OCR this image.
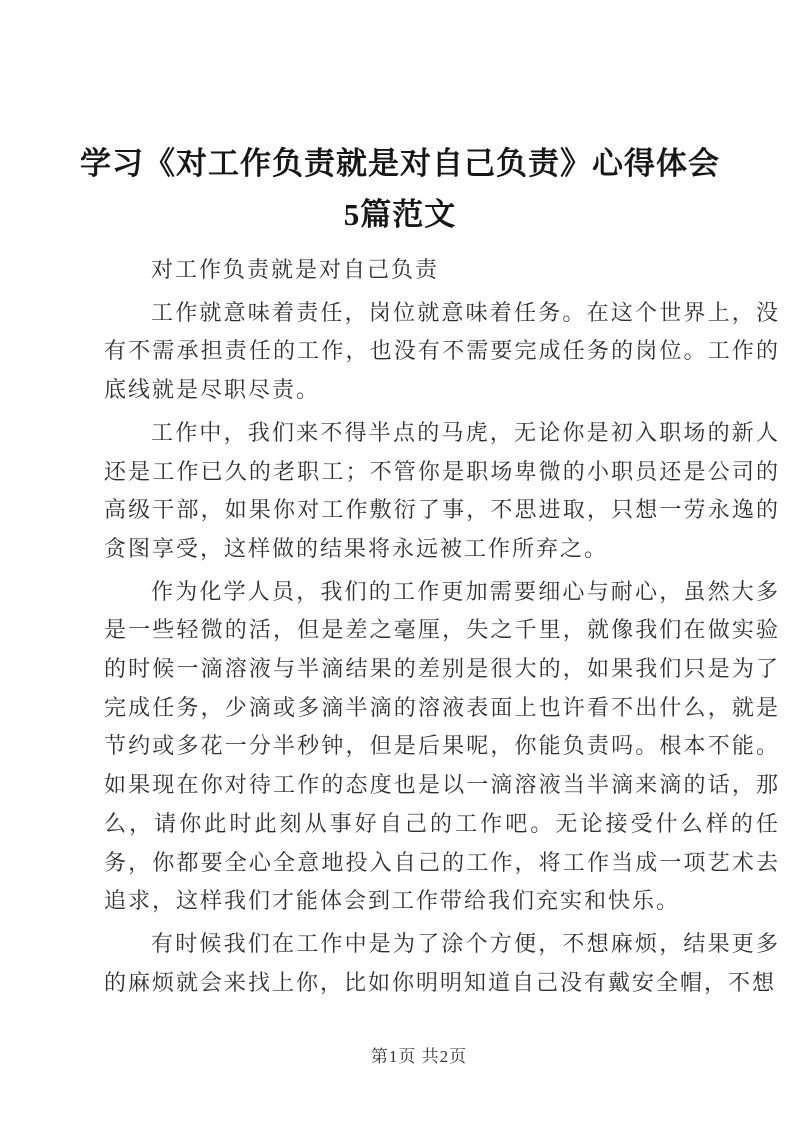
学习《对工作负责就是对自己负责》心得体会
5篇范文

对工作负责就是对自己负责

工作就意味着责任，岗位就意味着任务。在这个世界上，没有不需承担责任的工作，也没有不需要完成任务的岗位。工作的底线就是尽职尽责。

工作中，我们来不得半点的马虎，无论你是初入职场的新人还是工作已久的老职工；不管你是职场卑微的小职员还是公司的高级干部，如果你对工作敷衍了事，不思进取，只想一劳永逸的贪图享受，这样做的结果将永远被工作所弃之。

作为化学人员，我们的工作更加需要细心与耐心，虽然大多是一些轻微的活，但是差之毫厘，失之千里，就像我们在做实验的时候一滴溶液与半滴结果的差别是很大的，如果我们只是为了完成任务，少滴或多滴半滴的溶液表面上也许看不出什么，就是节约或多花一分半秒钟，但是后果呢，你能负责吗。根本不能。如果现在你对待工作的态度也是以一滴溶液当半滴来滴的话，那么，请你此时此刻从事好自己的工作吧。无论接受什么样的任务，你都要全心全意地投入自己的工作，将工作当成一项艺术去追求，这样我们才能体会到工作带给我们充实和快乐。

有时候我们在工作中是为了涂个方便，不想麻烦，结果更多的麻烦就会来找上你，比如你明明知道自己没有戴安全帽，不想

第1页 共2页
